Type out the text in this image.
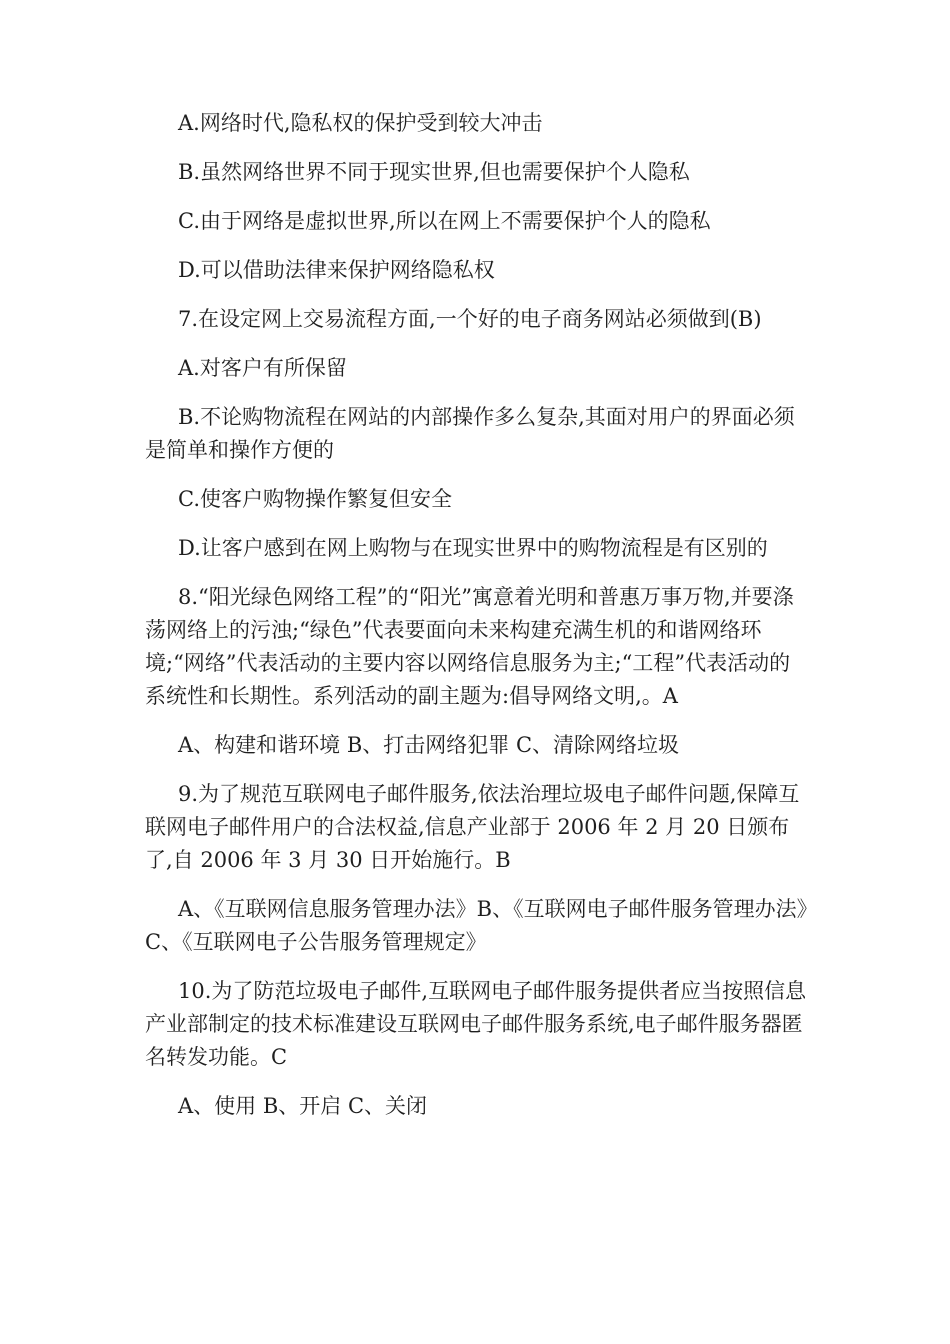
A.网络时代,隐私权的保护受到较大冲击

B.虽然网络世界不同于现实世界,但也需要保护个人隐私

C.由于网络是虚拟世界,所以在网上不需要保护个人的隐私

D.可以借助法律来保护网络隐私权

7.在设定网上交易流程方面,一个好的电子商务网站必须做到(B)

A.对客户有所保留

B.不论购物流程在网站的内部操作多么复杂,其面对用户的界面必须是简单和操作方便的

C.使客户购物操作繁复但安全

D.让客户感到在网上购物与在现实世界中的购物流程是有区别的

8.“阳光绿色网络工程”的“阳光”寓意着光明和普惠万事万物,并要涤荡网络上的污浊;“绿色”代表要面向未来构建充满生机的和谐网络环境;“网络”代表活动的主要内容以网络信息服务为主;“工程”代表活动的系统性和长期性。系列活动的副主题为:倡导网络文明,。A

A、构建和谐环境 B、打击网络犯罪 C、清除网络垃圾

9.为了规范互联网电子邮件服务,依法治理垃圾电子邮件问题,保障互联网电子邮件用户的合法权益,信息产业部于 2006 年 2 月 20 日颁布了,自 2006 年 3 月 30 日开始施行。B

A、《互联网信息服务管理办法》B、《互联网电子邮件服务管理办法》C、《互联网电子公告服务管理规定》

10.为了防范垃圾电子邮件,互联网电子邮件服务提供者应当按照信息产业部制定的技术标准建设互联网电子邮件服务系统,电子邮件服务器匿名转发功能。C

A、使用 B、开启 C、关闭
